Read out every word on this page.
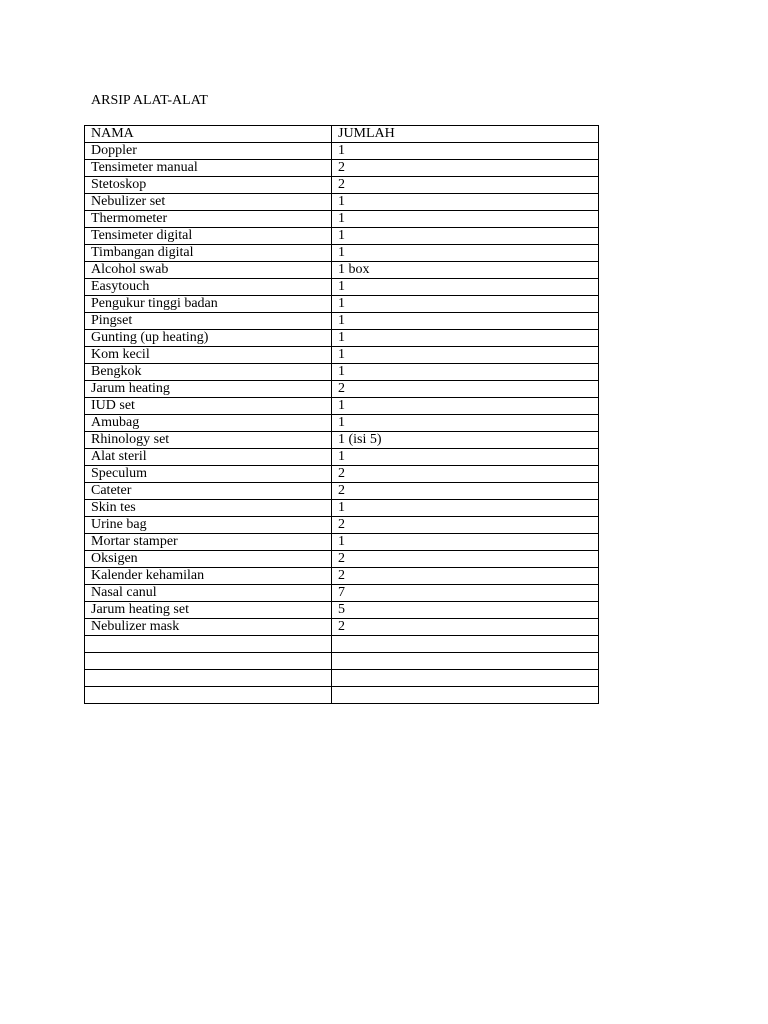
ARSIP ALAT-ALAT
NAMA	JUMLAH
Doppler	1
Tensimeter manual	2
Stetoskop	2
Nebulizer set	1
Thermometer	1
Tensimeter digital	1
Timbangan digital	1
Alcohol swab	1 box
Easytouch	1
Pengukur tinggi badan	1
Pingset	1
Gunting (up heating)	1
Kom kecil	1
Bengkok	1
Jarum heating	2
IUD set	1
Amubag	1
Rhinology set	1 (isi 5)
Alat steril	1
Speculum	2
Cateter	2
Skin tes	1
Urine bag	2
Mortar stamper	1
Oksigen	2
Kalender kehamilan	2
Nasal canul	7
Jarum heating set	5
Nebulizer mask	2
